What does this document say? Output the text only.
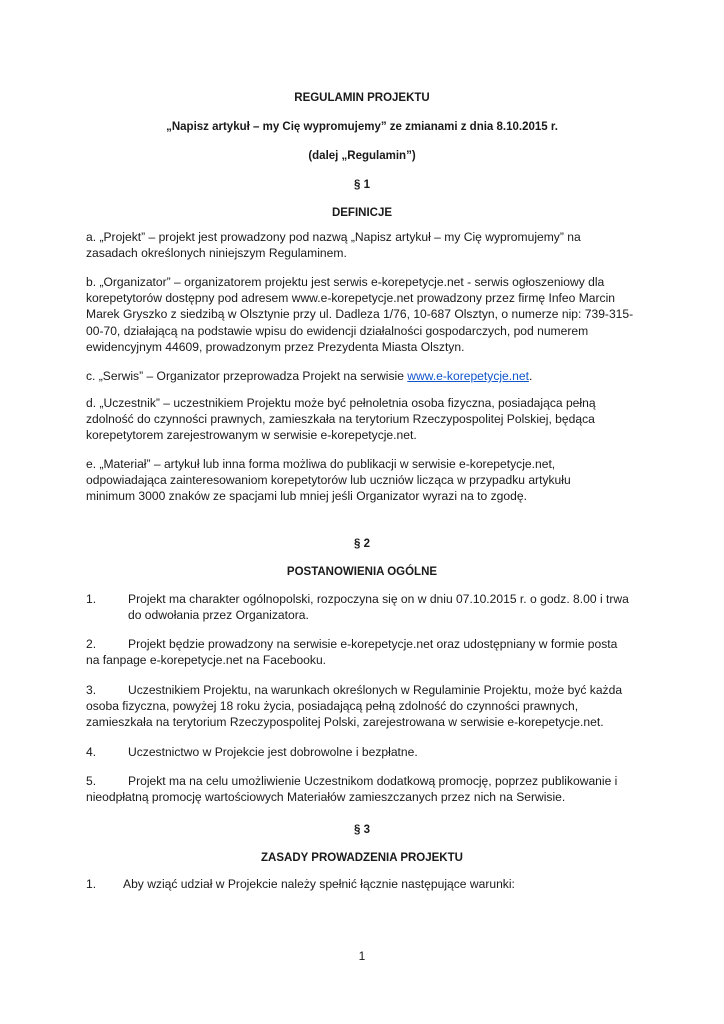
REGULAMIN PROJEKTU

„Napisz artykuł – my Cię wypromujemy” ze zmianami z dnia 8.10.2015 r.

(dalej „Regulamin”)

§ 1

DEFINICJE

a. „Projekt” – projekt jest prowadzony pod nazwą „Napisz artykuł – my Cię wypromujemy” na
zasadach określonych niniejszym Regulaminem.
b. „Organizator” – organizatorem projektu jest serwis e-korepetycje.net - serwis ogłoszeniowy dla
korepetytorów dostępny pod adresem www.e-korepetycje.net prowadzony przez firmę Infeo Marcin
Marek Gryszko z siedzibą w Olsztynie przy ul. Dadleza 1/76, 10-687 Olsztyn, o numerze nip: 739-315-
00-70, działającą na podstawie wpisu do ewidencji działalności gospodarczych, pod numerem
ewidencyjnym 44609, prowadzonym przez Prezydenta Miasta Olsztyn.
c. „Serwis” – Organizator przeprowadza Projekt na serwisie www.e-korepetycje.net.
d. „Uczestnik” – uczestnikiem Projektu może być pełnoletnia osoba fizyczna, posiadająca pełną
zdolność do czynności prawnych, zamieszkała na terytorium Rzeczypospolitej Polskiej, będąca
korepetytorem zarejestrowanym w serwisie e-korepetycje.net.
e. „Materiał” – artykuł lub inna forma możliwa do publikacji w serwisie e-korepetycje.net,
odpowiadająca zainteresowaniom korepetytorów lub uczniów licząca w przypadku artykułu
minimum 3000 znaków ze spacjami lub mniej jeśli Organizator wyrazi na to zgodę.

§ 2

POSTANOWIENIA OGÓLNE

1.	Projekt ma charakter ogólnopolski, rozpoczyna się on w dniu 07.10.2015 r. o godz. 8.00 i trwa
do odwołania przez Organizatora.
2.	Projekt będzie prowadzony na serwisie e-korepetycje.net oraz udostępniany w formie posta
na fanpage e-korepetycje.net na Facebooku.
3.	Uczestnikiem Projektu, na warunkach określonych w Regulaminie Projektu, może być każda
osoba fizyczna, powyżej 18 roku życia, posiadającą pełną zdolność do czynności prawnych,
zamieszkała na terytorium Rzeczypospolitej Polski, zarejestrowana w serwisie e-korepetycje.net.
4.	Uczestnictwo w Projekcie jest dobrowolne i bezpłatne.
5.	Projekt ma na celu umożliwienie Uczestnikom dodatkową promocję, poprzez publikowanie i
nieodpłatną promocję wartościowych Materiałów zamieszczanych przez nich na Serwisie.

§ 3

ZASADY PROWADZENIA PROJEKTU

1. Aby wziąć udział w Projekcie należy spełnić łącznie następujące warunki:
1
